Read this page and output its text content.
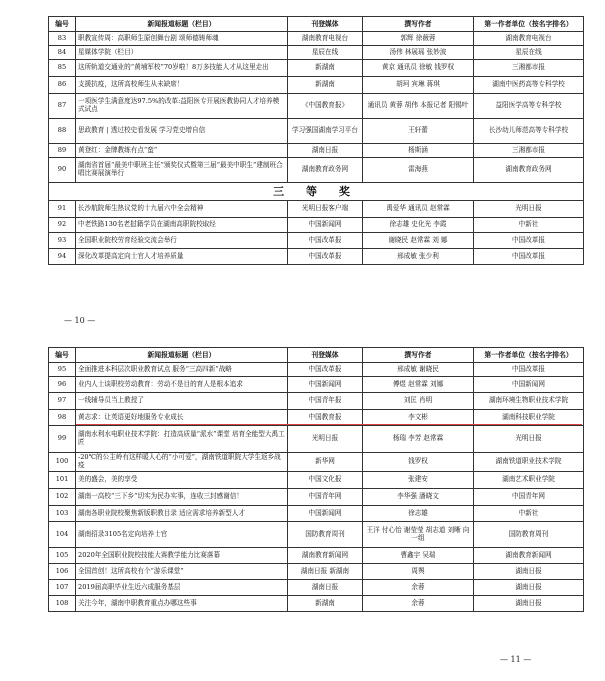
编号	新闻报道标题（栏目）	刊登媒体	撰写作者	第一作者单位（按名字排名）
83	职教宣传周：高职师生原创舞台剧 颂师德铸师魂	湖南教育电视台	郭辉 徐薇蓉	湖南教育电视台
84	星媒体学院（栏目）	星辰在线	汤伟 林展瑶 张妙波	星辰在线
85	这所轨道交通业的“黄埔军校”70岁啦！8万多技能人才从这里走出	新湖南	黄京 通讯员 徐敏 钱罗权	三湘都市报
86	支援抗疫，这所高校师生从未缺席！	新湖南	胡珂 宾琳 蒋琪	湖南中医药高等专科学校
87	一项医学生满意度达97.5%的改革:益阳医专开展医教协同人才培养模式试点	《中国教育报》	通讯员 黄蓉 胡伟 本报记者 阳锡叶	益阳医学高等专科学校
88	思政教育 | 透过校史看发展 学习党史增自信	学习强国湖南学习平台	王轩蕾	长沙幼儿师范高等专科学校
89	黄登红：金牌教练有点“蛮”	湖南日报	杨斯涵	三湘都市报
90	湖南省首届“最美中职班主任”颁奖仪式暨第三届“最美中职生”建制班合唱比赛展演举行	湖南教育政务网	雷海燕	湖南教育政务网
三 等 奖				
91	长沙航院师生热议党的十九届六中全会精神	光明日报客户端	禹爱华 通讯员 赵常霖	光明日报
92	中老铁路130名老挝籍学员在湖南高职院校取经	中国新闻网	徐志雄 史化光 李霞	中新社
93	全国职业院校劳育经验交流会举行	中国改革报	谢晓民 赵常霖 刘 娜	中国改革报
94	深化改革提高定向士官人才培养质量	中国改革报	邢成敏 张少利	中国改革报
— 10 —
编号	新闻报道标题（栏目）	刊登媒体	撰写作者	第一作者单位（按名字排名）
95	全面推进本科层次职业教育试点 服务“三高四新”战略	中国改革报	邢成敏 谢晓民	中国改革报
96	业内人士谈职校劳动教育：劳动不是目的育人是根本追求	中国新闻网	傅煜 赵常霖 刘娜	中国新闻网
97	一线辅导员当上教授了	中国青年报	刘匡 肖明	湖南环境生物职业技术学院
98	黄志求：让英语更好地服务专业成长	中国教育报	李文彬	湖南科技职业学院
99	湖南水利水电职业技术学院：打造高质量“派水”课堂 培育全能型大禹工匠	光明日报	杨瑞 李芳 赵常霖	光明日报
100	-20℃的公主岭有这样暖人心的“小可爱”，湖南铁道职院大学生返乡战疫	新华网	钱罗权	湖南铁道职业技术学院
101	美的盛会，美的享受	中国文化报	张建安	湖南艺术职业学院
102	湖南一高校“三下乡”切实为民办实事，连收三封感谢信！	中国青年网	李华强 潘晓文	中国青年网
103	湖南各职业院校聚焦新版职教目录 适应需求培养新型人才	中国新闻网	徐志雄	中新社
104	湖南招录3105名定向培养士官	国防教育周刊	王洋 付心怡 谢莹莹 胡志道 刘晰 向一组	国防教育周刊
105	2020年全国职业院校技能大赛教学能力比赛落幕	湖南教育新闻网	曹鑫宇 吴瑞	湖南教育新闻网
106	全国首创！这所高校有个“游乐课堂”	湖南日报 新湖南	周舆	湖南日报
107	2019届高职毕业生近六成服务基层	湖南日报	余蓉	湖南日报
108	关注今年，湖南中职教育重点办哪这些事	新湖南	余蓉	湖南日报
— 11 —
